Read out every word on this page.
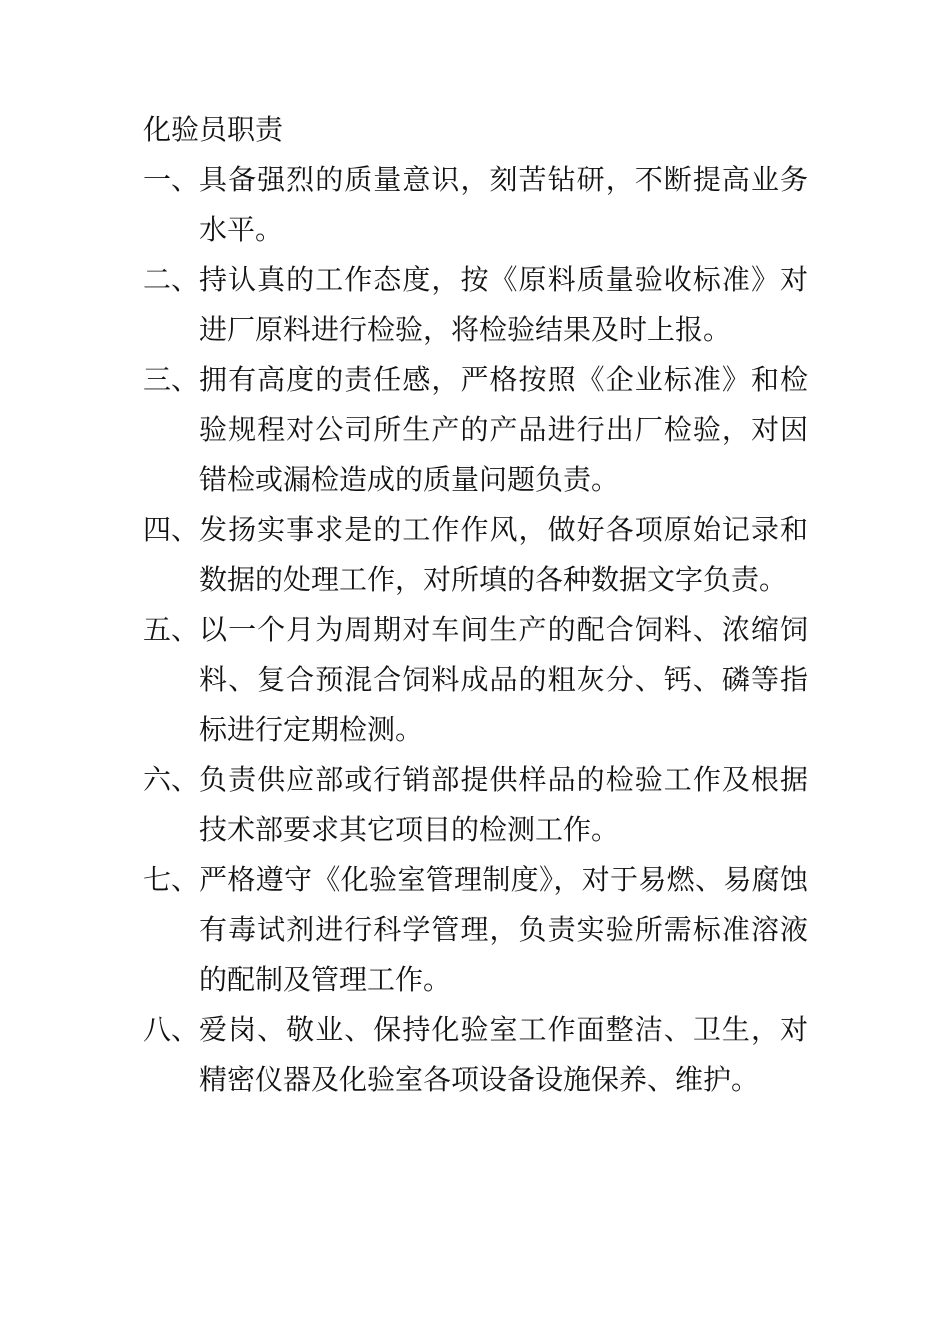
化验员职责
一、 具备强烈的质量意识，刻苦钻研，不断提高业务水平。
二、 持认真的工作态度，按《原料质量验收标准》对进厂原料进行检验，将检验结果及时上报。
三、 拥有高度的责任感，严格按照《企业标准》和检验规程对公司所生产的产品进行出厂检验，对因错检或漏检造成的质量问题负责。
四、 发扬实事求是的工作作风，做好各项原始记录和数据的处理工作，对所填的各种数据文字负责。
五、 以一个月为周期对车间生产的配合饲料、浓缩饲料、复合预混合饲料成品的粗灰分、钙、磷等指标进行定期检测。
六、 负责供应部或行销部提供样品的检验工作及根据技术部要求其它项目的检测工作。
七、 严格遵守《化验室管理制度》，对于易燃、易腐蚀有毒试剂进行科学管理，负责实验所需标准溶液的配制及管理工作。
八、 爱岗、敬业、保持化验室工作面整洁、卫生，对精密仪器及化验室各项设备设施保养、维护。
